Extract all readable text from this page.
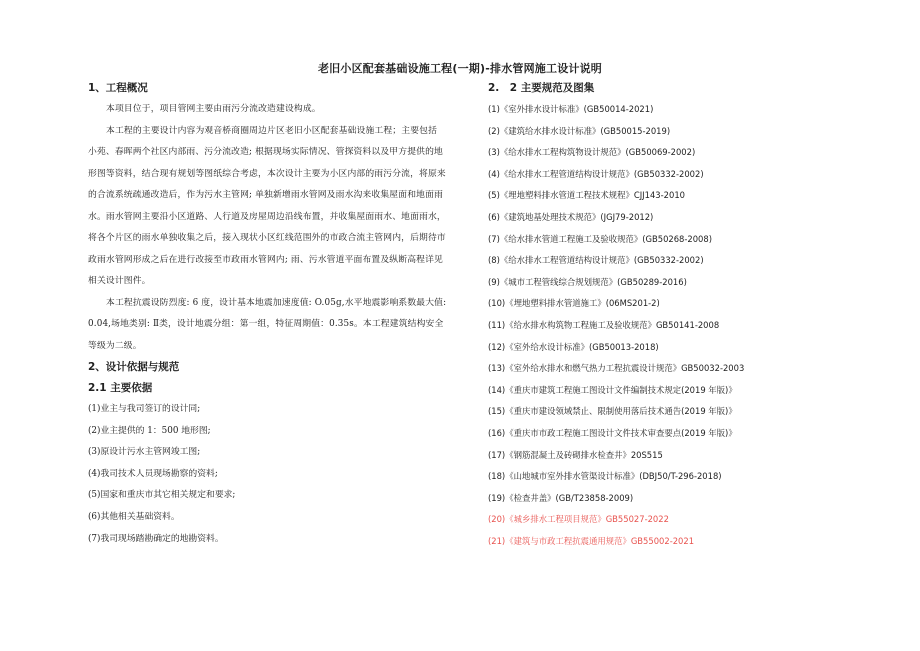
老旧小区配套基础设施工程(一期)-排水管网施工设计说明
1、工程概况

本项目位于，项目管网主要由雨污分流改造建设构成。

本工程的主要设计内容为观音桥商圈周边片区老旧小区配套基础设施工程；主要包括
小苑、春晖两个社区内部雨、污分流改造; 根据现场实际情况、管探资料以及甲方提供的地
形图等资料，结合现有规划等图纸综合考虑，本次设计主要为小区内部的雨污分流，将原来
的合流系统疏通改造后，作为污水主管网; 单独新增雨水管网及雨水沟来收集屋面和地面雨
水。雨水管网主要沿小区道路、人行道及房屋周边沿线布置，并收集屋面雨水、地面雨水，
将各个片区的雨水单独收集之后，接入现状小区红线范围外的市政合流主管网内，后期待市
政雨水管网形成之后在进行改接至市政雨水管网内; 雨、污水管道平面布置及纵断高程详见
相关设计图件。

本工程抗震设防烈度: 6 度，设计基本地震加速度值: O.05g,水平地震影响系数最大值:
0.04,场地类别: Ⅱ类，设计地震分组：第一组，特征周期值：0.35s。本工程建筑结构安全
等级为二级。

2、设计依据与规范
2.1 主要依据
(1)业主与我司签订的设计同;
(2)业主提供的 1：500 地形图;
(3)原设计污水主管网竣工图;
(4)我司技术人员现场勘察的资料;
(5)国家和重庆市其它相关规定和要求;
(6)其他相关基础资料。
(7)我司现场踏勘确定的地勘资料。
2.　2 主要规范及图集
(1)《室外排水设计标准》(GB50014-2021)
(2)《建筑给水排水设计标准》(GB50015-2019)
(3)《给水排水工程构筑物设计规范》(GB50069-2002)
(4)《给水排水工程管道结构设计规范》(GB50332-2002)
(5)《埋地塑料排水管道工程技术规程》CJJ143-2010
(6)《建筑地基处理技术规范》(JGJ79-2012)
(7)《给水排水管道工程施工及验收规范》(GB50268-2008)
(8)《给水排水工程管道结构设计规范》(GB50332-2002)
(9)《城市工程管线综合规划规范》(GB50289-2016)
(10)《埋地塑料排水管道施工》(06MS201-2)
(11)《给水排水构筑物工程施工及验收规范》GB50141-2008
(12)《室外给水设计标准》(GB50013-2018)
(13)《室外给水排水和燃气热力工程抗震设计规范》GB50032-2003
(14)《重庆市建筑工程施工图设计文件编制技术规定(2019 年版)》
(15)《重庆市建设领域禁止、限制使用落后技术通告(2019 年版)》
(16)《重庆市市政工程施工图设计文件技术审查要点(2019 年版)》
(17)《钢筋混凝土及砖砌排水检查井》20S515
(18)《山地城市室外排水管渠设计标准》(DBJ50/T-296-2018)
(19)《检查井盖》(GB/T23858-2009)
(20)《城乡排水工程项目规范》GB55027-2022
(21)《建筑与市政工程抗震通用规范》GB55002-2021
